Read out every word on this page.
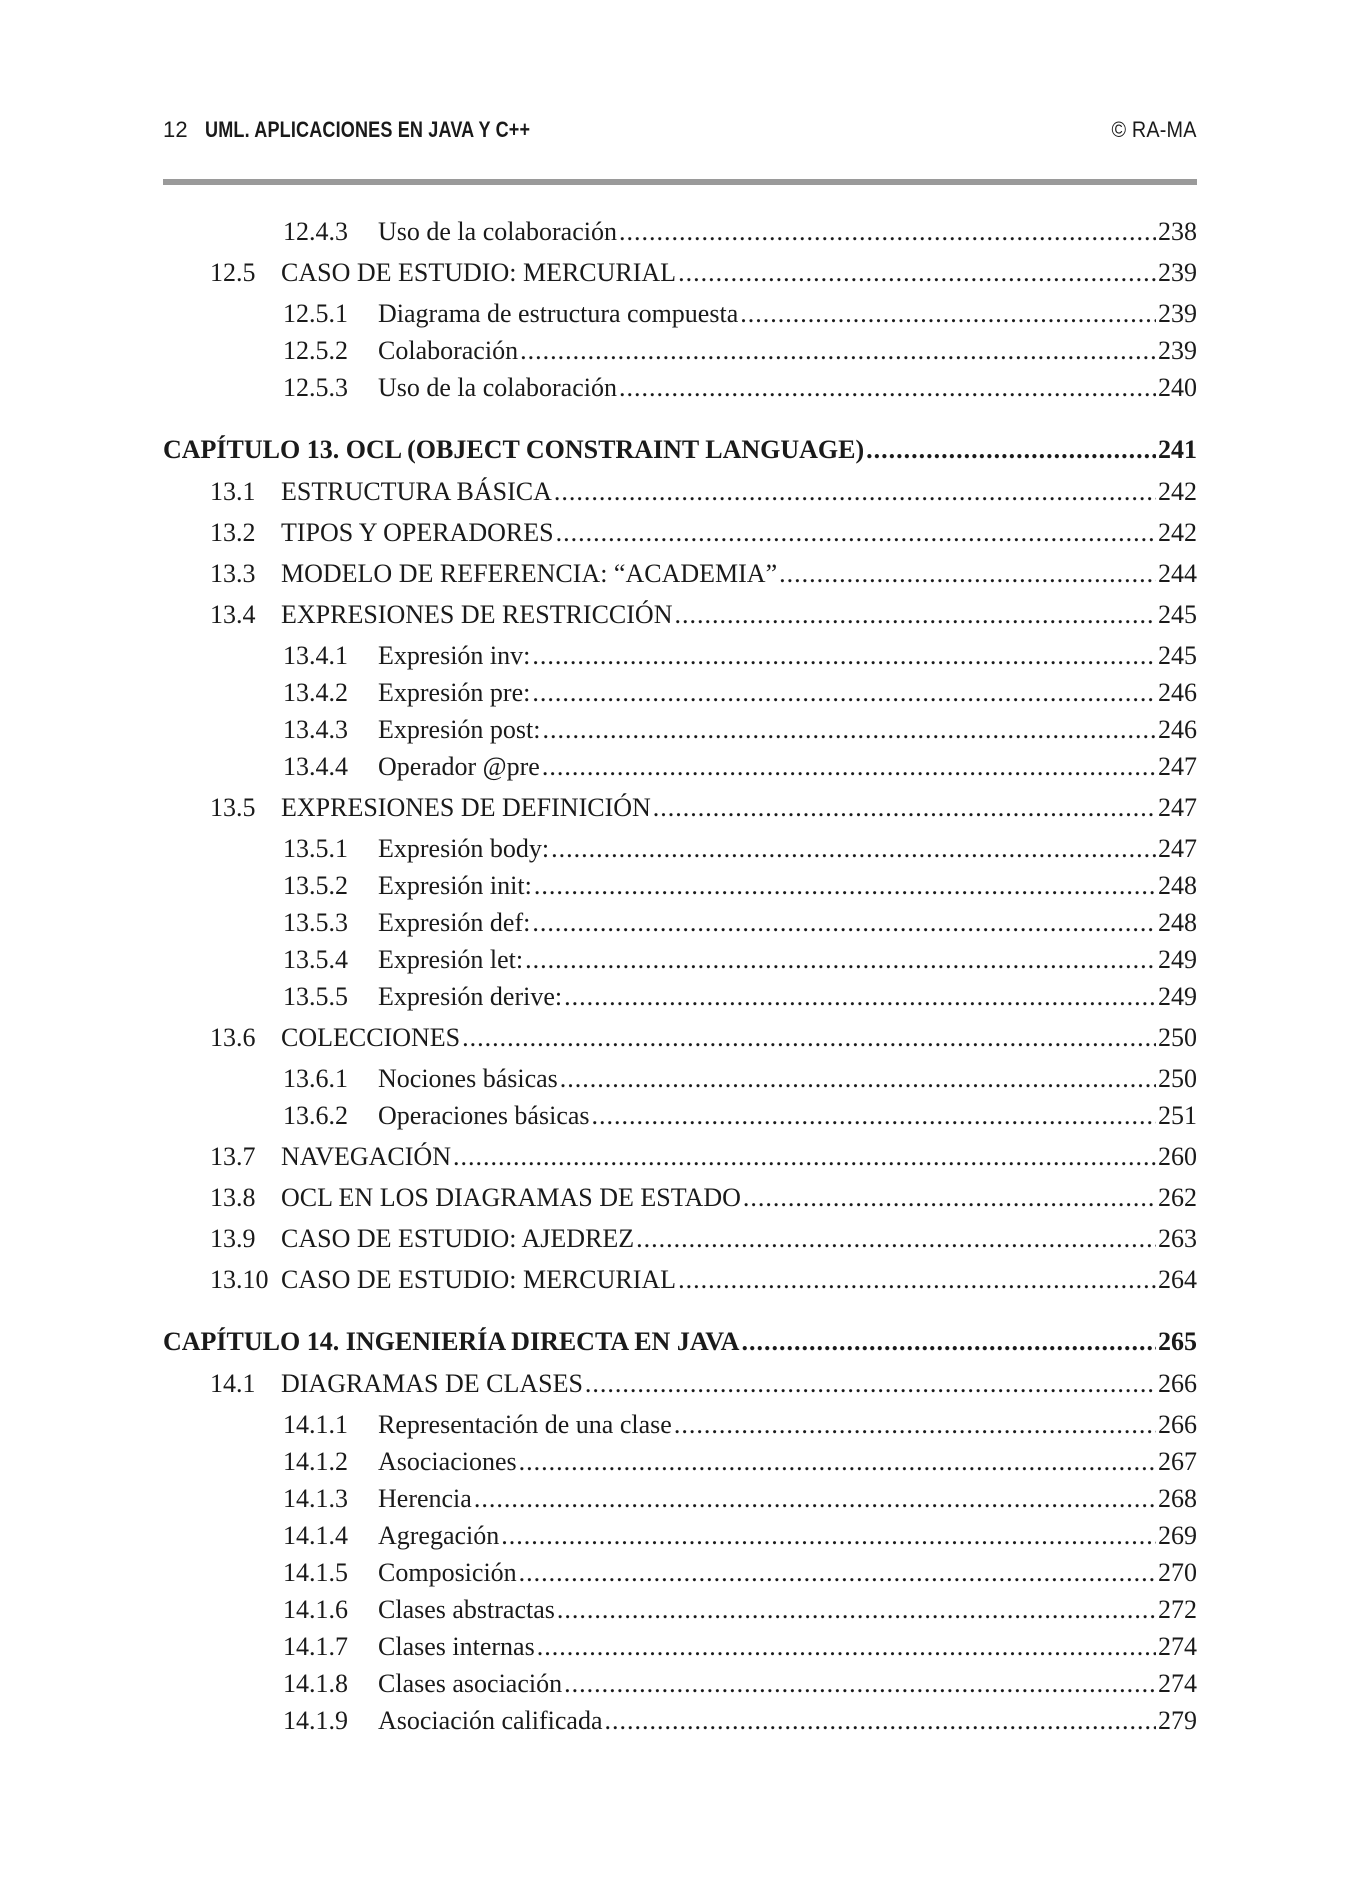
12 UML. APLICACIONES EN JAVA Y C++	© RA-MA
12.4.3 Uso de la colaboración .....	238
12.5 CASO DE ESTUDIO: MERCURIAL .....	239
12.5.1 Diagrama de estructura compuesta .....	239
12.5.2 Colaboración .....	239
12.5.3 Uso de la colaboración .....	240
CAPÍTULO 13. OCL (OBJECT CONSTRAINT LANGUAGE) .....	241
13.1 ESTRUCTURA BÁSICA .....	242
13.2 TIPOS Y OPERADORES .....	242
13.3 MODELO DE REFERENCIA: “ACADEMIA” .....	244
13.4 EXPRESIONES DE RESTRICCIÓN .....	245
13.4.1 Expresión inv: .....	245
13.4.2 Expresión pre: .....	246
13.4.3 Expresión post: .....	246
13.4.4 Operador @pre .....	247
13.5 EXPRESIONES DE DEFINICIÓN .....	247
13.5.1 Expresión body: .....	247
13.5.2 Expresión init: .....	248
13.5.3 Expresión def: .....	248
13.5.4 Expresión let: .....	249
13.5.5 Expresión derive: .....	249
13.6 COLECCIONES .....	250
13.6.1 Nociones básicas .....	250
13.6.2 Operaciones básicas .....	251
13.7 NAVEGACIÓN .....	260
13.8 OCL EN LOS DIAGRAMAS DE ESTADO .....	262
13.9 CASO DE ESTUDIO: AJEDREZ .....	263
13.10 CASO DE ESTUDIO: MERCURIAL .....	264
CAPÍTULO 14. INGENIERÍA DIRECTA EN JAVA .....	265
14.1 DIAGRAMAS DE CLASES .....	266
14.1.1 Representación de una clase .....	266
14.1.2 Asociaciones .....	267
14.1.3 Herencia .....	268
14.1.4 Agregación .....	269
14.1.5 Composición .....	270
14.1.6 Clases abstractas .....	272
14.1.7 Clases internas .....	274
14.1.8 Clases asociación .....	274
14.1.9 Asociación calificada .....	279
